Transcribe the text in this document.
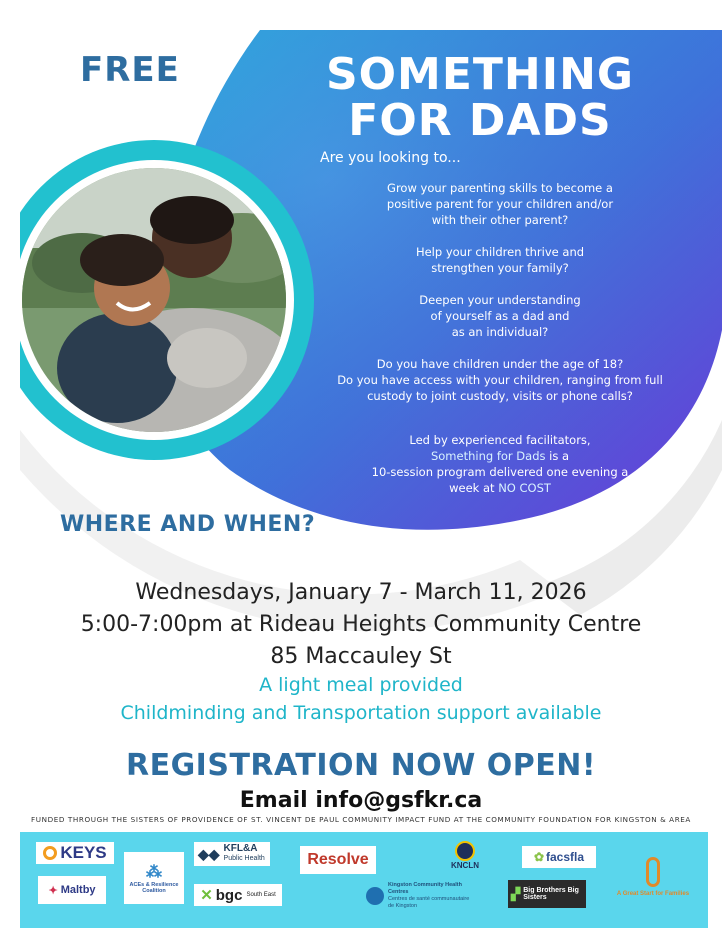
FREE	SOMETHING
FOR DADS
Are you looking to...
Grow your parenting skills to become a
positive parent for your children and/or
with their other parent?
Help your children thrive and
strengthen your family?
Deepen your understanding
of yourself as a dad and
as an individual?
Do you have children under the age of 18?
Do you have access with your children, ranging from full
custody to joint custody, visits or phone calls?
Led by experienced facilitators,
Something for Dads is a
10-session program delivered one evening a
week at NO COST
WHERE AND WHEN?
Wednesdays, January 7 - March 11, 2026
5:00-7:00pm at Rideau Heights Community Centre
85 Maccauley St
A light meal provided
Childminding and Transportation support available
REGISTRATION NOW OPEN!
Email info@gsfkr.ca
FUNDED THROUGH THE SISTERS OF PROVIDENCE OF ST. VINCENT DE PAUL COMMUNITY IMPACT FUND AT THE COMMUNITY FOUNDATION FOR KINGSTON & AREA
KEYS
✦ Maltby
⁂
ACEs & Resilience Coalition
◆◆ KFL&A
Public Health
✕ bgc South East
Resolve
Kingston Community Health Centres
Centres de santé communautaire de Kingston
KNCLN
✿ facsfla
▞ Big Brothers Big Sisters	A Great Start for Families
